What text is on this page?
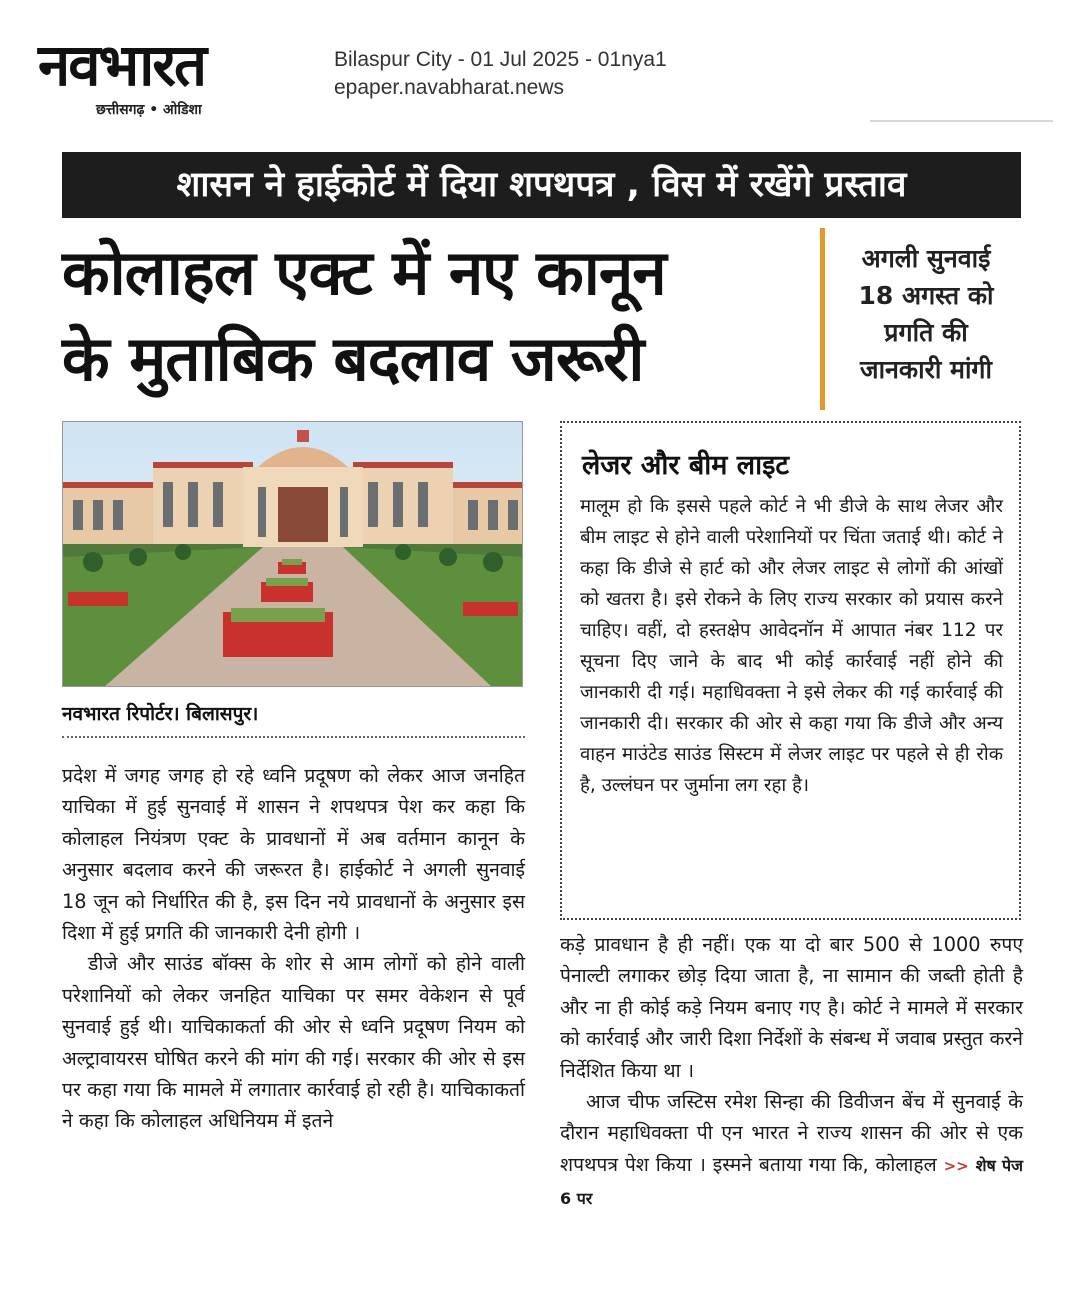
नवभारत
छत्तीसगढ़ • ओडिशा
Bilaspur City - 01 Jul 2025 - 01nya1
epaper.navabharat.news
शासन ने हाईकोर्ट में दिया शपथपत्र , विस में रखेंगे प्रस्ताव
कोलाहल एक्ट में नए कानून
के मुताबिक बदलाव जरूरी
अगली सुनवाई
18 अगस्त को
प्रगति की
जानकारी मांगी
नवभारत रिपोर्टर। बिलासपुर।

प्रदेश में जगह जगह हो रहे ध्वनि प्रदूषण को लेकर आज जनहित याचिका में हुई सुनवाई में शासन ने शपथपत्र पेश कर कहा कि कोलाहल नियंत्रण एक्ट के प्रावधानों में अब वर्तमान कानून के अनुसार बदलाव करने की जरूरत है। हाईकोर्ट ने अगली सुनवाई 18 जून को निर्धारित की है, इस दिन नये प्रावधानों के अनुसार इस दिशा में हुई प्रगति की जानकारी देनी होगी ।

डीजे और साउंड बॉक्स के शोर से आम लोगों को होने वाली परेशानियों को लेकर जनहित याचिका पर समर वेकेशन से पूर्व सुनवाई हुई थी। याचिकाकर्ता की ओर से ध्वनि प्रदूषण नियम को अल्ट्रावायरस घोषित करने की मांग की गई। सरकार की ओर से इस पर कहा गया कि मामले में लगातार कार्रवाई हो रही है। याचिकाकर्ता ने कहा कि कोलाहल अधिनियम में इतने

लेजर और बीम लाइट

मालूम हो कि इससे पहले कोर्ट ने भी डीजे के साथ लेजर और बीम लाइट से होने वाली परेशानियों पर चिंता जताई थी। कोर्ट ने कहा कि डीजे से हार्ट को और लेजर लाइट से लोगों की आंखों को खतरा है। इसे रोकने के लिए राज्य सरकार को प्रयास करने चाहिए। वहीं, दो हस्तक्षेप आवेदनॉन में आपात नंबर 112 पर सूचना दिए जाने के बाद भी कोई कार्रवाई नहीं होने की जानकारी दी गई। महाधिवक्ता ने इसे लेकर की गई कार्रवाई की जानकारी दी। सरकार की ओर से कहा गया कि डीजे और अन्य वाहन माउंटेड साउंड सिस्टम में लेजर लाइट पर पहले से ही रोक है, उल्लंघन पर जुर्माना लग रहा है।

कड़े प्रावधान है ही नहीं। एक या दो बार 500 से 1000 रुपए पेनाल्टी लगाकर छोड़ दिया जाता है, ना सामान की जब्ती होती है और ना ही कोई कड़े नियम बनाए गए है। कोर्ट ने मामले में सरकार को कार्रवाई और जारी दिशा निर्देशों के संबन्ध में जवाब प्रस्तुत करने निर्देशित किया था ।

आज चीफ जस्टिस रमेश सिन्हा की डिवीजन बेंच में सुनवाई के दौरान महाधिवक्ता पी एन भारत ने राज्य शासन की ओर से एक शपथपत्र पेश किया । इस्मने बताया गया कि, कोलाहल >> शेष पेज 6 पर
